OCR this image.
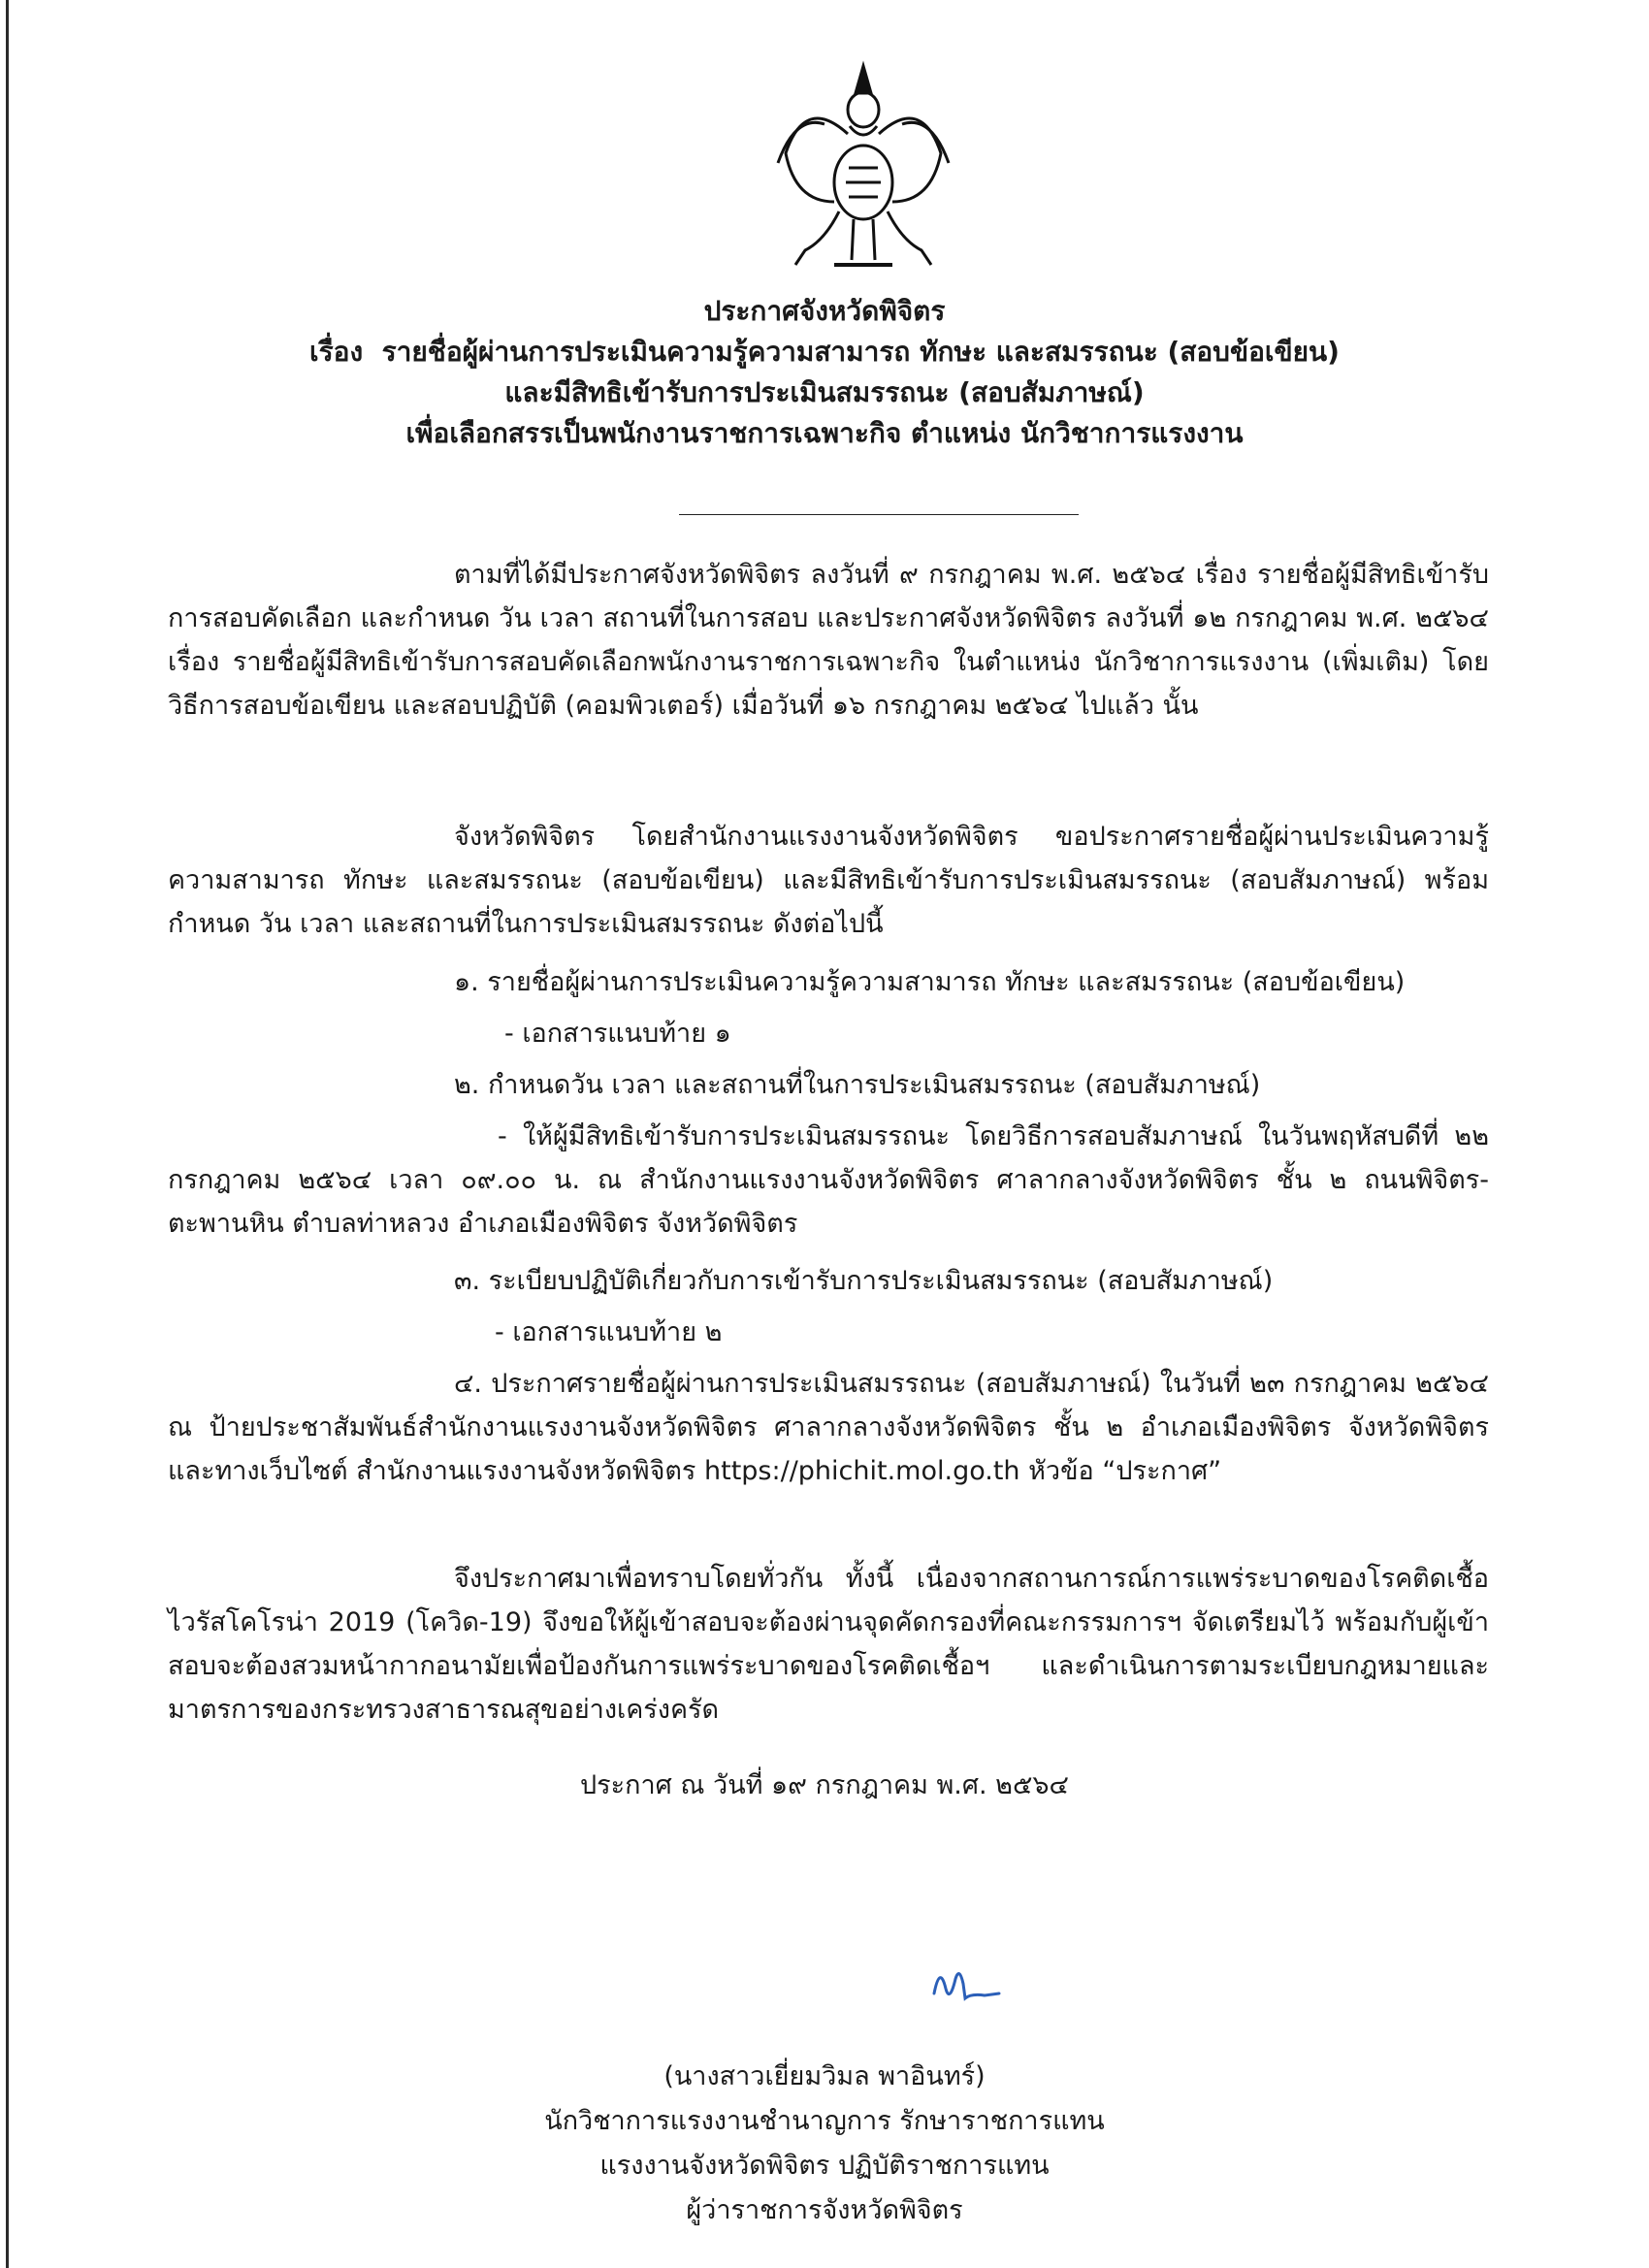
ประกาศจังหวัดพิจิตร
เรื่อง รายชื่อผู้ผ่านการประเมินความรู้ความสามารถ ทักษะ และสมรรถนะ (สอบข้อเขียน)
และมีสิทธิเข้ารับการประเมินสมรรถนะ (สอบสัมภาษณ์)
เพื่อเลือกสรรเป็นพนักงานราชการเฉพาะกิจ ตำแหน่ง นักวิชาการแรงงาน
ตามที่ได้มีประกาศจังหวัดพิจิตร ลงวันที่ ๙ กรกฎาคม พ.ศ. ๒๕๖๔ เรื่อง รายชื่อผู้มีสิทธิเข้ารับการสอบคัดเลือก และกำหนด วัน เวลา สถานที่ในการสอบ และประกาศจังหวัดพิจิตร ลงวันที่ ๑๒ กรกฎาคม พ.ศ. ๒๕๖๔ เรื่อง รายชื่อผู้มีสิทธิเข้ารับการสอบคัดเลือกพนักงานราชการเฉพาะกิจ ในตำแหน่ง นักวิชาการแรงงาน (เพิ่มเติม) โดยวิธีการสอบข้อเขียน และสอบปฏิบัติ (คอมพิวเตอร์) เมื่อวันที่ ๑๖ กรกฎาคม ๒๕๖๔ ไปแล้ว นั้น
จังหวัดพิจิตร โดยสำนักงานแรงงานจังหวัดพิจิตร ขอประกาศรายชื่อผู้ผ่านประเมินความรู้ความสามารถ ทักษะ และสมรรถนะ (สอบข้อเขียน) และมีสิทธิเข้ารับการประเมินสมรรถนะ (สอบสัมภาษณ์) พร้อมกำหนด วัน เวลา และสถานที่ในการประเมินสมรรถนะ ดังต่อไปนี้
๑. รายชื่อผู้ผ่านการประเมินความรู้ความสามารถ ทักษะ และสมรรถนะ (สอบข้อเขียน)
- เอกสารแนบท้าย ๑
๒. กำหนดวัน เวลา และสถานที่ในการประเมินสมรรถนะ (สอบสัมภาษณ์)
- ให้ผู้มีสิทธิเข้ารับการประเมินสมรรถนะ โดยวิธีการสอบสัมภาษณ์ ในวันพฤหัสบดีที่ ๒๒ กรกฎาคม ๒๕๖๔ เวลา ๐๙.๐๐ น. ณ สำนักงานแรงงานจังหวัดพิจิตร ศาลากลางจังหวัดพิจิตร ชั้น ๒ ถนนพิจิตร-ตะพานหิน ตำบลท่าหลวง อำเภอเมืองพิจิตร จังหวัดพิจิตร
๓. ระเบียบปฏิบัติเกี่ยวกับการเข้ารับการประเมินสมรรถนะ (สอบสัมภาษณ์)
- เอกสารแนบท้าย ๒
๔. ประกาศรายชื่อผู้ผ่านการประเมินสมรรถนะ (สอบสัมภาษณ์) ในวันที่ ๒๓ กรกฎาคม ๒๕๖๔ ณ ป้ายประชาสัมพันธ์สำนักงานแรงงานจังหวัดพิจิตร ศาลากลางจังหวัดพิจิตร ชั้น ๒ อำเภอเมืองพิจิตร จังหวัดพิจิตร และทางเว็บไซต์ สำนักงานแรงงานจังหวัดพิจิตร https://phichit.mol.go.th หัวข้อ “ประกาศ”
จึงประกาศมาเพื่อทราบโดยทั่วกัน ทั้งนี้ เนื่องจากสถานการณ์การแพร่ระบาดของโรคติดเชื้อไวรัสโคโรน่า 2019 (โควิด-19) จึงขอให้ผู้เข้าสอบจะต้องผ่านจุดคัดกรองที่คณะกรรมการฯ จัดเตรียมไว้ พร้อมกับผู้เข้าสอบจะต้องสวมหน้ากากอนามัยเพื่อป้องกันการแพร่ระบาดของโรคติดเชื้อฯ และดำเนินการตามระเบียบกฎหมายและมาตรการของกระทรวงสาธารณสุขอย่างเคร่งครัด
ประกาศ ณ วันที่ ๑๙ กรกฎาคม พ.ศ. ๒๕๖๔
(นางสาวเยี่ยมวิมล พาอินทร์)
นักวิชาการแรงงานชำนาญการ รักษาราชการแทน
แรงงานจังหวัดพิจิตร ปฏิบัติราชการแทน
ผู้ว่าราชการจังหวัดพิจิตร
